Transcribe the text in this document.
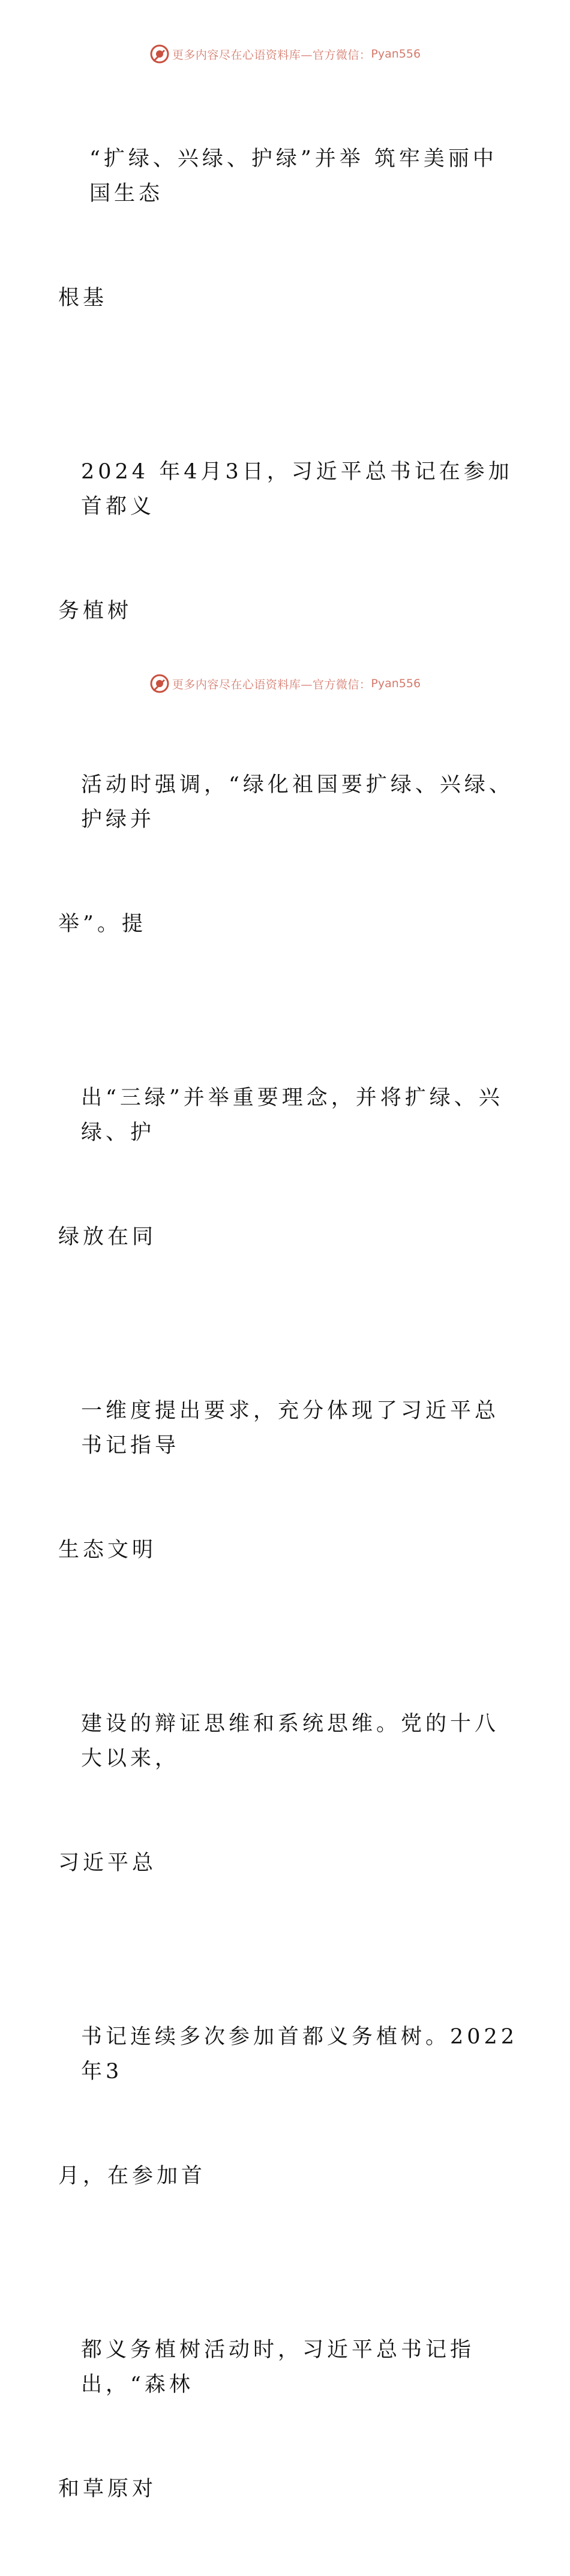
更多内容尽在心语资料库—官方微信： Pyan556

“扩绿、兴绿、护绿”并举 筑牢美丽中国生态

根基

2024 年4月3日，习近平总书记在参加首都义

务植树

活动时强调，“绿化祖国要扩绿、兴绿、护绿并

举”。提

出“三绿”并举重要理念，并将扩绿、兴绿、护

绿放在同

一维度提出要求，充分体现了习近平总书记指导

生态文明

建设的辩证思维和系统思维。党的十八大以来，

习近平总

书记连续多次参加首都义务植树。2022 年3

月，在参加首

都义务植树活动时，习近平总书记指出，“森林

和草原对

更多内容尽在心语资料库—官方微信： Pyan556
